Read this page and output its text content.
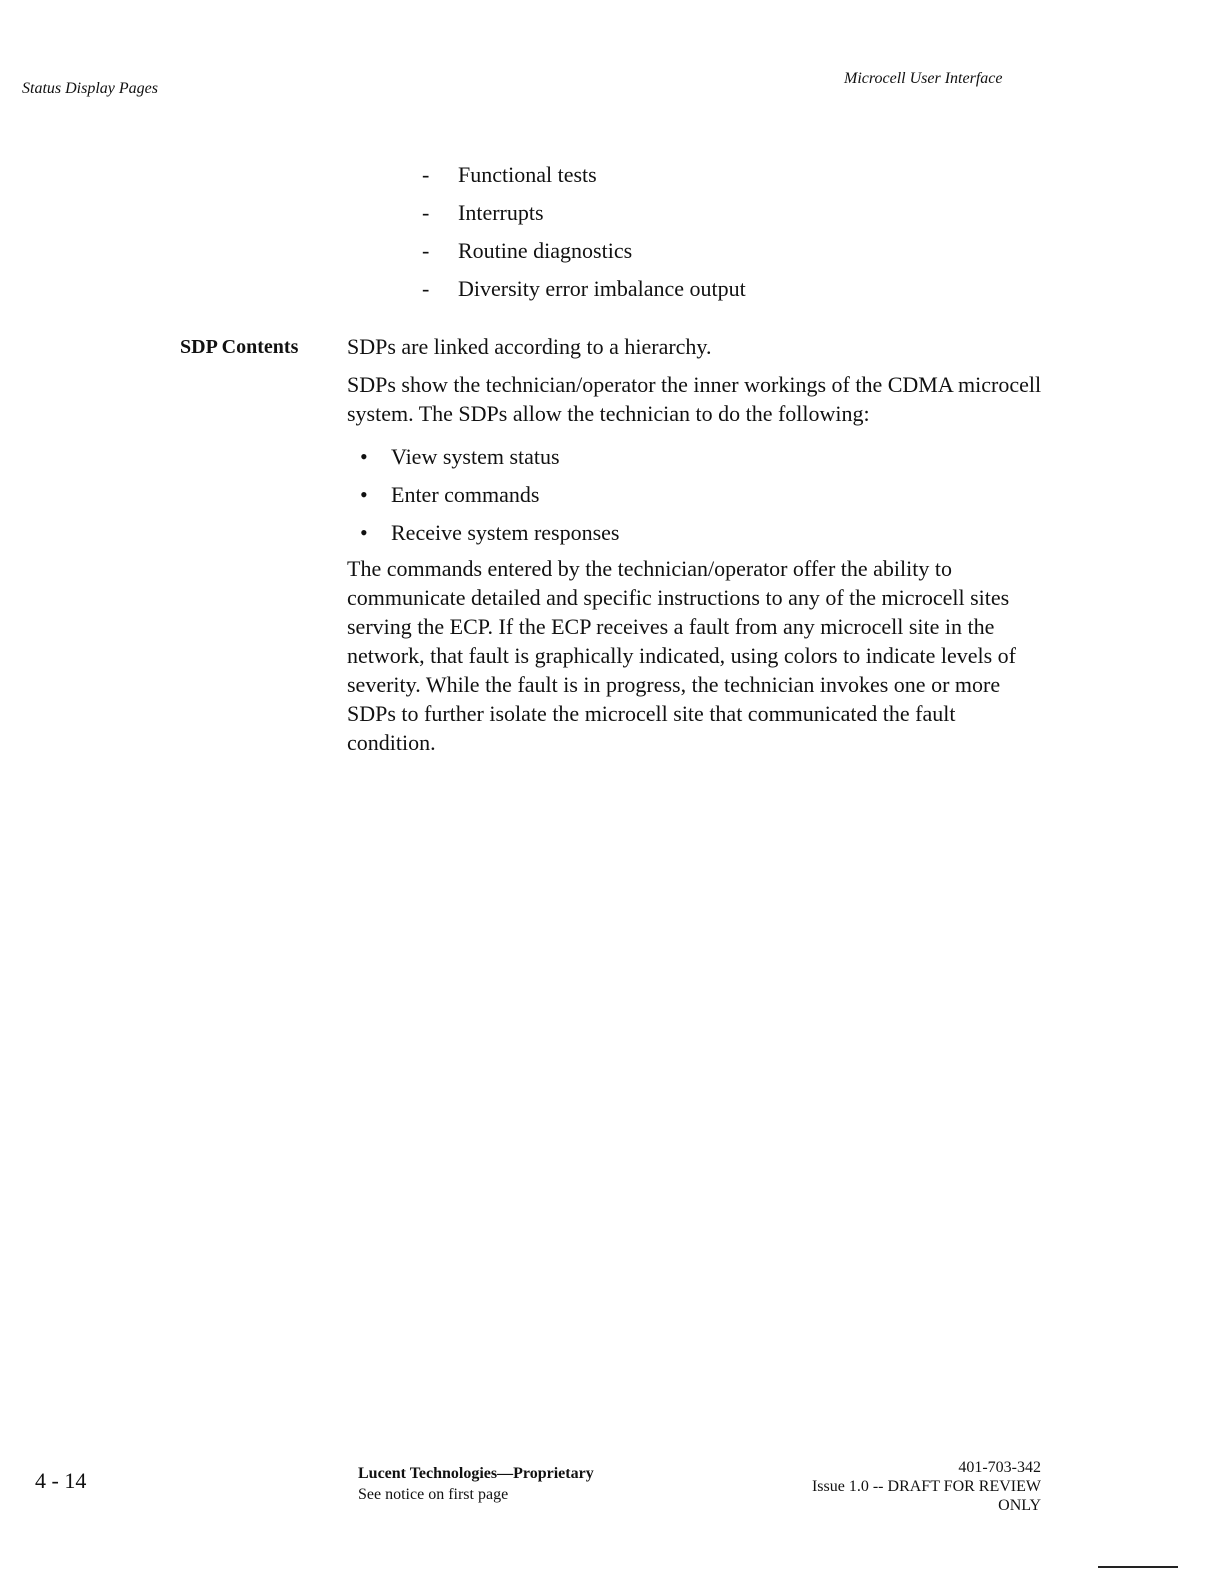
Status Display Pages
Microcell User Interface
- Functional tests
- Interrupts
- Routine diagnostics
- Diversity error imbalance output
SDP Contents SDPs are linked according to a hierarchy.

SDPs show the technician/operator the inner workings of the CDMA microcell system. The SDPs allow the technician to do the following:

• View system status
• Enter commands
• Receive system responses

The commands entered by the technician/operator offer the ability to communicate detailed and specific instructions to any of the microcell sites serving the ECP. If the ECP receives a fault from any microcell site in the network, that fault is graphically indicated, using colors to indicate levels of severity. While the fault is in progress, the technician invokes one or more SDPs to further isolate the microcell site that communicated the fault condition.

4 - 14	Lucent Technologies—Proprietary
See notice on first page
401-703-342
Issue 1.0 -- DRAFT FOR REVIEW
ONLY
